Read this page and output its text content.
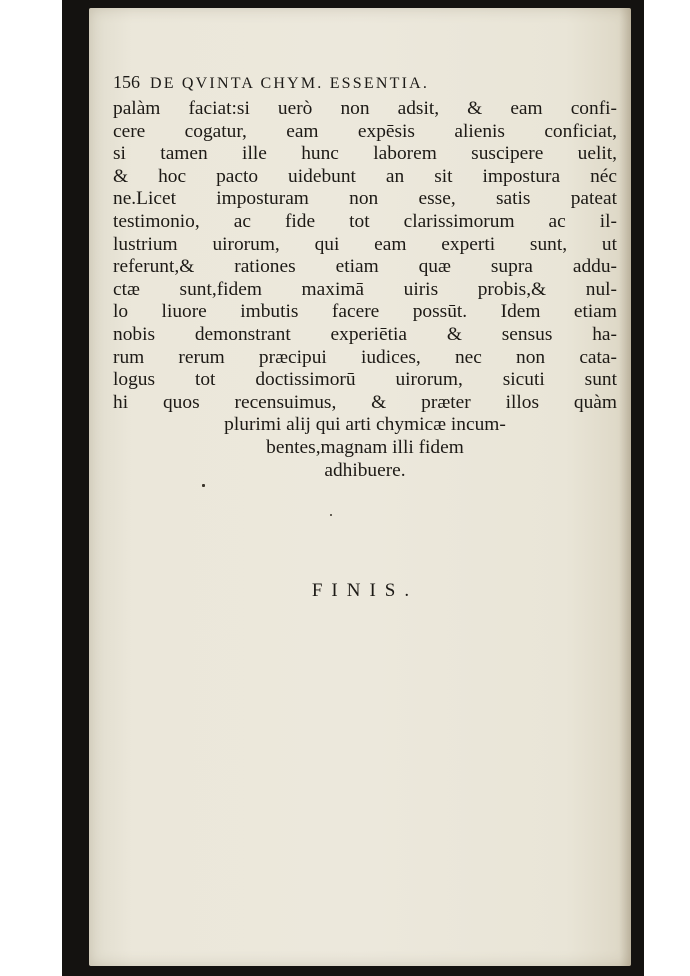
156 DE QVINTA CHYM. ESSENTIA.
palàm faciat:si uerò non adsit, & eam confi-
cere cogatur, eam expēsis alienis conficiat,
si tamen ille hunc laborem suscipere uelit,
& hoc pacto uidebunt an sit impostura néc
ne.Licet imposturam non esse, satis pateat
testimonio, ac fide tot clarissimorum ac il-
lustrium uirorum, qui eam experti sunt, ut
referunt,& rationes etiam quæ supra addu-
ctæ sunt,fidem maximā uiris probis,& nul-
lo liuore imbutis facere possūt. Idem etiam
nobis demonstrant experiētia & sensus ha-
rum rerum præcipui iudices, nec non cata-
logus tot doctissimorū uirorum, sicuti sunt
hi quos recensuimus, & præter illos quàm
plurimi alij qui arti chymicæ incum-
bentes,magnam illi fidem
adhibuere.
FINIS.
